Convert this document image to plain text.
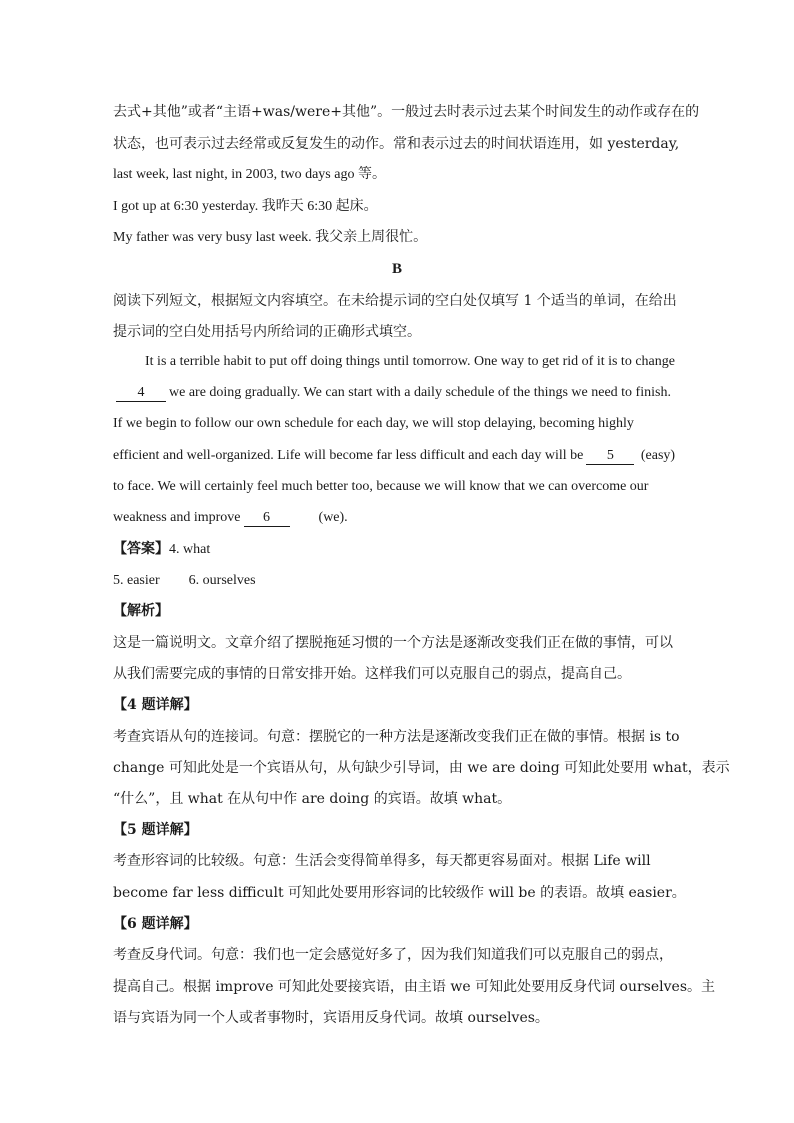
去式+其他”或者“主语+was/were+其他”。一般过去时表示过去某个时间发生的动作或存在的
状态，也可表示过去经常或反复发生的动作。常和表示过去的时间状语连用，如 yesterday,
last week, last night, in 2003, two days ago 等。
I got up at 6:30 yesterday. 我昨天 6:30 起床。
My father was very busy last week. 我父亲上周很忙。
B
阅读下列短文，根据短文内容填空。在未给提示词的空白处仅填写 1 个适当的单词，在给出
提示词的空白处用括号内所给词的正确形式填空。
It is a terrible habit to put off doing things until tomorrow. One way to get rid of it is to change
4 we are doing gradually. We can start with a daily schedule of the things we need to finish.
If we begin to follow our own schedule for each day, we will stop delaying, becoming highly
efficient and well-organized. Life will become far less difficult and each day will be 5 (easy)
to face. We will certainly feel much better too, because we will know that we can overcome our
weakness and improve 6	(we).
【答案】4. what
5. easier 6. ourselves
【解析】
这是一篇说明文。文章介绍了摆脱拖延习惯的一个方法是逐渐改变我们正在做的事情，可以
从我们需要完成的事情的日常安排开始。这样我们可以克服自己的弱点，提高自己。
【4 题详解】
考查宾语从句的连接词。句意：摆脱它的一种方法是逐渐改变我们正在做的事情。根据 is to
change 可知此处是一个宾语从句，从句缺少引导词，由 we are doing 可知此处要用 what，表示
“什么”，且 what 在从句中作 are doing 的宾语。故填 what。
【5 题详解】
考查形容词的比较级。句意：生活会变得简单得多，每天都更容易面对。根据 Life will
become far less difficult 可知此处要用形容词的比较级作 will be 的表语。故填 easier。
【6 题详解】
考查反身代词。句意：我们也一定会感觉好多了，因为我们知道我们可以克服自己的弱点，
提高自己。根据 improve 可知此处要接宾语，由主语 we 可知此处要用反身代词 ourselves。主
语与宾语为同一个人或者事物时，宾语用反身代词。故填 ourselves。
